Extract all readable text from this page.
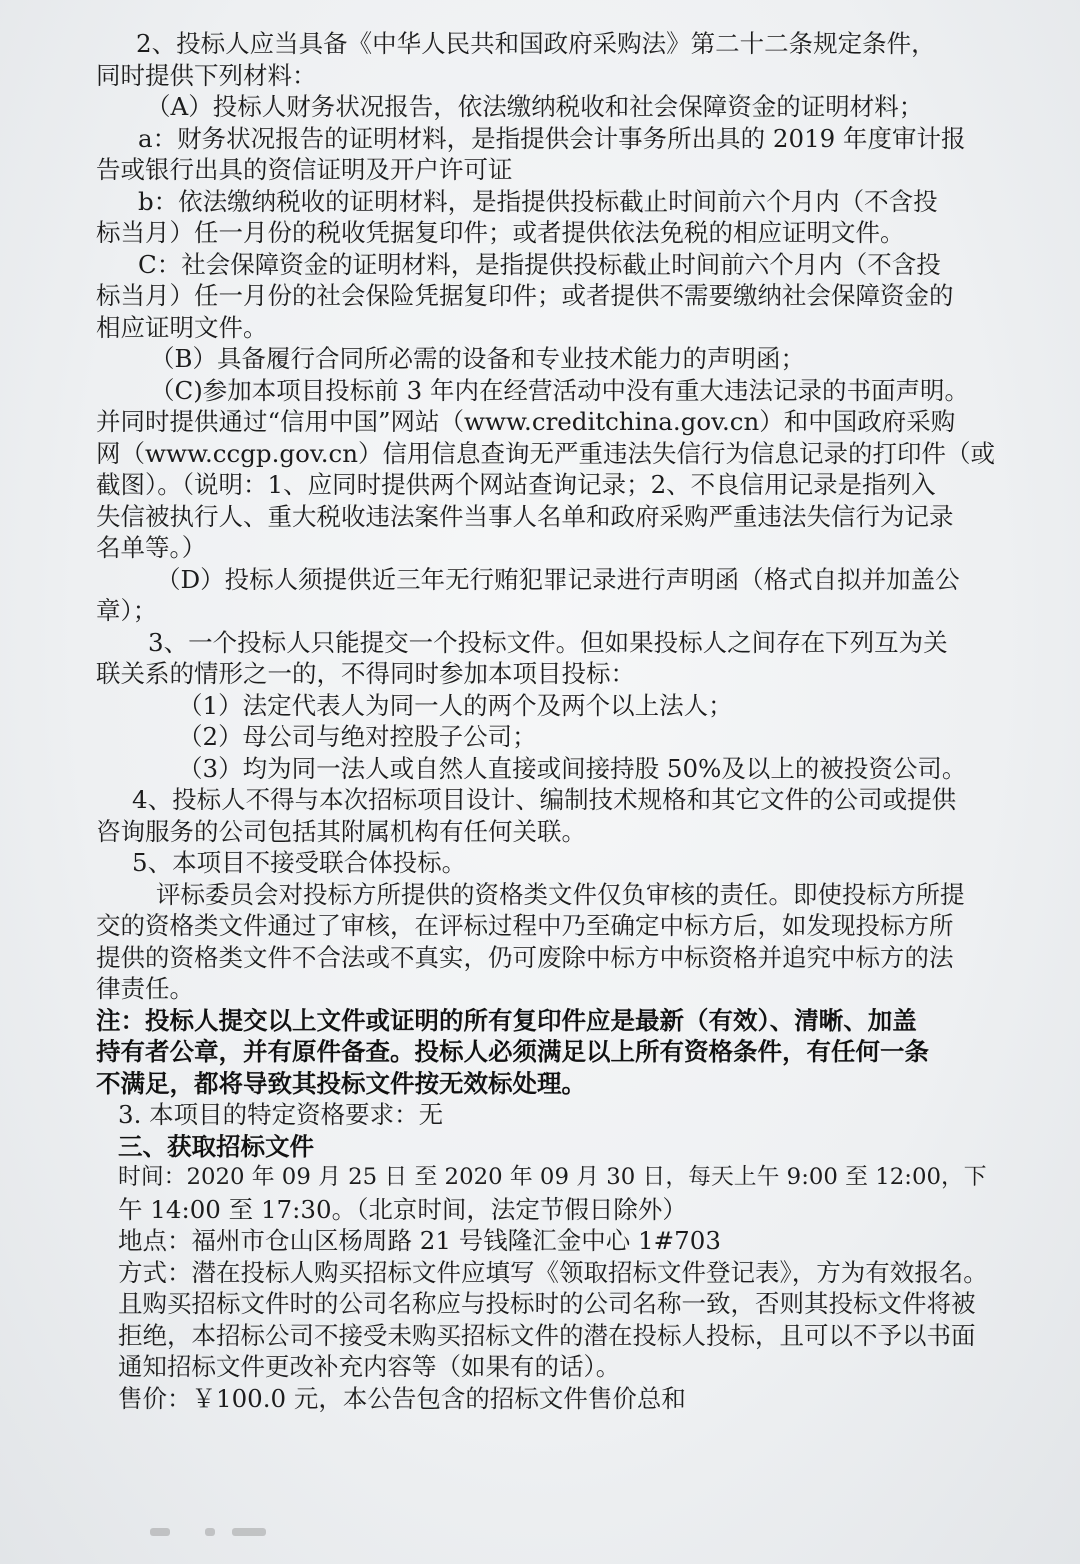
2、投标人应当具备《中华人民共和国政府采购法》第二十二条规定条件，
同时提供下列材料：
（A）投标人财务状况报告，依法缴纳税收和社会保障资金的证明材料；
a：财务状况报告的证明材料，是指提供会计事务所出具的 2019 年度审计报
告或银行出具的资信证明及开户许可证
b：依法缴纳税收的证明材料，是指提供投标截止时间前六个月内（不含投
标当月）任一月份的税收凭据复印件；或者提供依法免税的相应证明文件。
C：社会保障资金的证明材料，是指提供投标截止时间前六个月内（不含投
标当月）任一月份的社会保险凭据复印件；或者提供不需要缴纳社会保障资金的
相应证明文件。
（B）具备履行合同所必需的设备和专业技术能力的声明函；
（C)参加本项目投标前 3 年内在经营活动中没有重大违法记录的书面声明。
并同时提供通过“信用中国”网站（www.creditchina.gov.cn）和中国政府采购
网（www.ccgp.gov.cn）信用信息查询无严重违法失信行为信息记录的打印件（或
截图）。（说明：1、应同时提供两个网站查询记录；2、不良信用记录是指列入
失信被执行人、重大税收违法案件当事人名单和政府采购严重违法失信行为记录
名单等。）
（D）投标人须提供近三年无行贿犯罪记录进行声明函（格式自拟并加盖公
章）；
3、一个投标人只能提交一个投标文件。但如果投标人之间存在下列互为关
联关系的情形之一的，不得同时参加本项目投标：
（1）法定代表人为同一人的两个及两个以上法人；
（2）母公司与绝对控股子公司；
（3）均为同一法人或自然人直接或间接持股 50%及以上的被投资公司。
4、投标人不得与本次招标项目设计、编制技术规格和其它文件的公司或提供
咨询服务的公司包括其附属机构有任何关联。
5、本项目不接受联合体投标。
评标委员会对投标方所提供的资格类文件仅负审核的责任。即使投标方所提
交的资格类文件通过了审核，在评标过程中乃至确定中标方后，如发现投标方所
提供的资格类文件不合法或不真实，仍可废除中标方中标资格并追究中标方的法
律责任。
注：投标人提交以上文件或证明的所有复印件应是最新（有效）、清晰、加盖
持有者公章，并有原件备查。投标人必须满足以上所有资格条件，有任何一条
不满足，都将导致其投标文件按无效标处理。
3. 本项目的特定资格要求：无
三、获取招标文件
时间：2020 年 09 月 25 日 至 2020 年 09 月 30 日，每天上午 9:00 至 12:00，下
午 14:00 至 17:30。（北京时间，法定节假日除外）
地点：福州市仓山区杨周路 21 号钱隆汇金中心 1#703
方式：潜在投标人购买招标文件应填写《领取招标文件登记表》，方为有效报名。
且购买招标文件时的公司名称应与投标时的公司名称一致，否则其投标文件将被
拒绝，本招标公司不接受未购买招标文件的潜在投标人投标，且可以不予以书面
通知招标文件更改补充内容等（如果有的话）。
售价：￥100.0 元，本公告包含的招标文件售价总和
